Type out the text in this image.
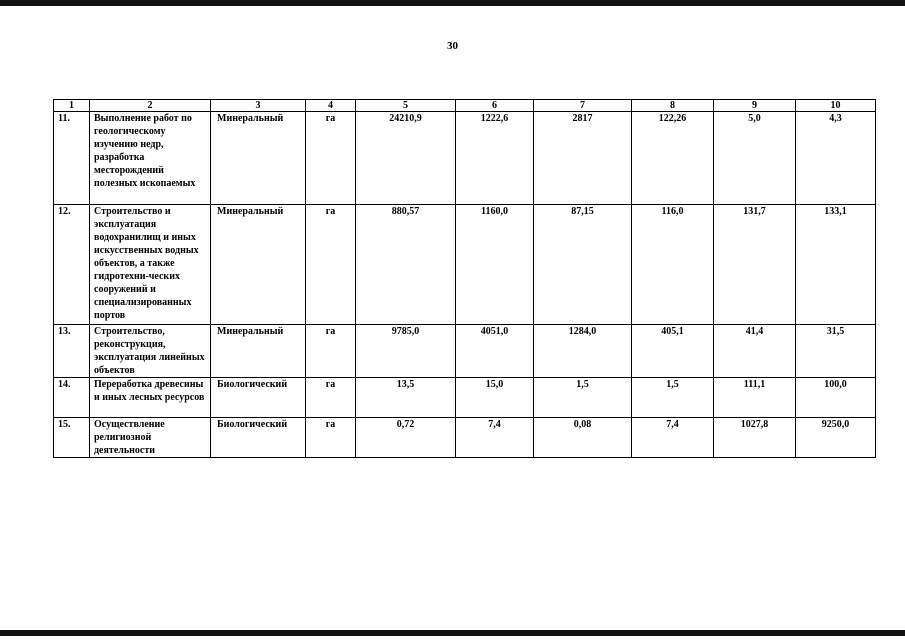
30
1	2	3	4	5	6	7	8	9	10
11.	Выполнение работ по геологическому изучению недр, разработка месторождений полезных ископаемых	Минеральный	га	24210,9	1222,6	2817	122,26	5,0	4,3
12.	Строительство и эксплуатация водохранилищ и иных искусственных водных объектов, а также гидротехни-ческих сооружений и специализированных портов	Минеральный	га	880,57	1160,0	87,15	116,0	131,7	133,1
13.	Строительство, реконструкция, эксплуатация линейных объектов	Минеральный	га	9785,0	4051,0	1284,0	405,1	41,4	31,5
14.	Переработка древесины и иных лесных ресурсов	Биологический	га	13,5	15,0	1,5	1,5	111,1	100,0
15.	Осуществление религиозной деятельности	Биологический	га	0,72	7,4	0,08	7,4	1027,8	9250,0
